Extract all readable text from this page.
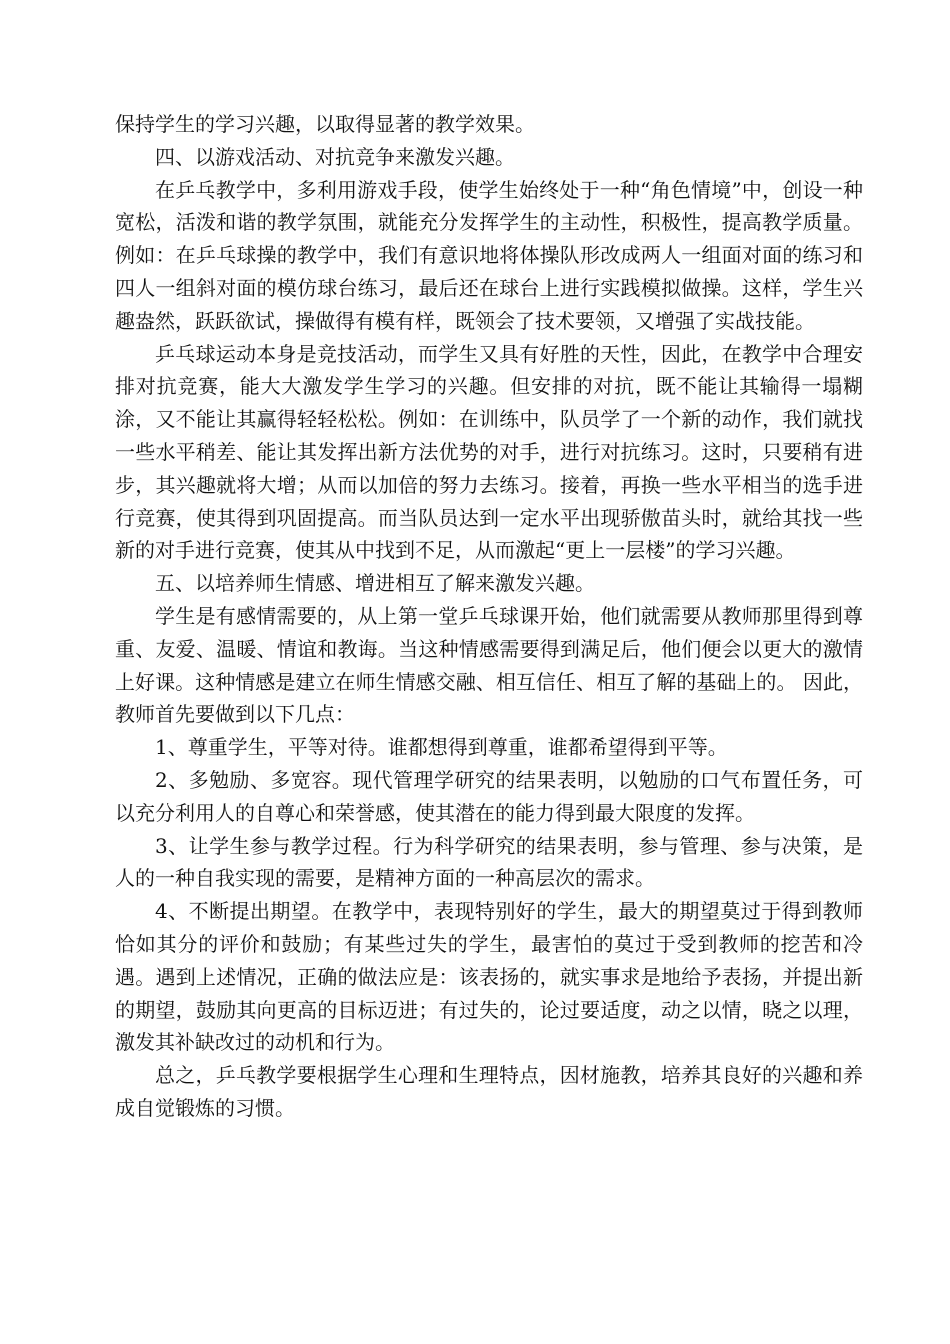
保持学生的学习兴趣，以取得显著的教学效果。

四、以游戏活动、对抗竞争来激发兴趣。

在乒乓教学中，多利用游戏手段，使学生始终处于一种“角色情境”中，创设一种宽松，活泼和谐的教学氛围，就能充分发挥学生的主动性，积极性，提高教学质量。例如：在乒乓球操的教学中，我们有意识地将体操队形改成两人一组面对面的练习和四人一组斜对面的模仿球台练习，最后还在球台上进行实践模拟做操。这样，学生兴趣盎然，跃跃欲试，操做得有模有样，既领会了技术要领，又增强了实战技能。

乒乓球运动本身是竞技活动，而学生又具有好胜的天性，因此，在教学中合理安排对抗竞赛，能大大激发学生学习的兴趣。但安排的对抗，既不能让其输得一塌糊涂，又不能让其赢得轻轻松松。例如：在训练中，队员学了一个新的动作，我们就找一些水平稍差、能让其发挥出新方法优势的对手，进行对抗练习。这时，只要稍有进步，其兴趣就将大增；从而以加倍的努力去练习。接着，再换一些水平相当的选手进行竞赛，使其得到巩固提高。而当队员达到一定水平出现骄傲苗头时，就给其找一些新的对手进行竞赛，使其从中找到不足，从而激起“更上一层楼”的学习兴趣。

五、以培养师生情感、增进相互了解来激发兴趣。

学生是有感情需要的，从上第一堂乒乓球课开始，他们就需要从教师那里得到尊重、友爱、温暖、情谊和教诲。当这种情感需要得到满足后，他们便会以更大的激情上好课。这种情感是建立在师生情感交融、相互信任、相互了解的基础上的。 因此，教师首先要做到以下几点：

1、尊重学生，平等对待。谁都想得到尊重，谁都希望得到平等。

2、多勉励、多宽容。现代管理学研究的结果表明，以勉励的口气布置任务，可以充分利用人的自尊心和荣誉感，使其潜在的能力得到最大限度的发挥。

3、让学生参与教学过程。行为科学研究的结果表明，参与管理、参与决策，是人的一种自我实现的需要，是精神方面的一种高层次的需求。

4、不断提出期望。在教学中，表现特别好的学生，最大的期望莫过于得到教师恰如其分的评价和鼓励；有某些过失的学生，最害怕的莫过于受到教师的挖苦和冷遇。遇到上述情况，正确的做法应是：该表扬的，就实事求是地给予表扬，并提出新的期望，鼓励其向更高的目标迈进；有过失的，论过要适度，动之以情，晓之以理，激发其补缺改过的动机和行为。

总之，乒乓教学要根据学生心理和生理特点，因材施教，培养其良好的兴趣和养成自觉锻炼的习惯。
